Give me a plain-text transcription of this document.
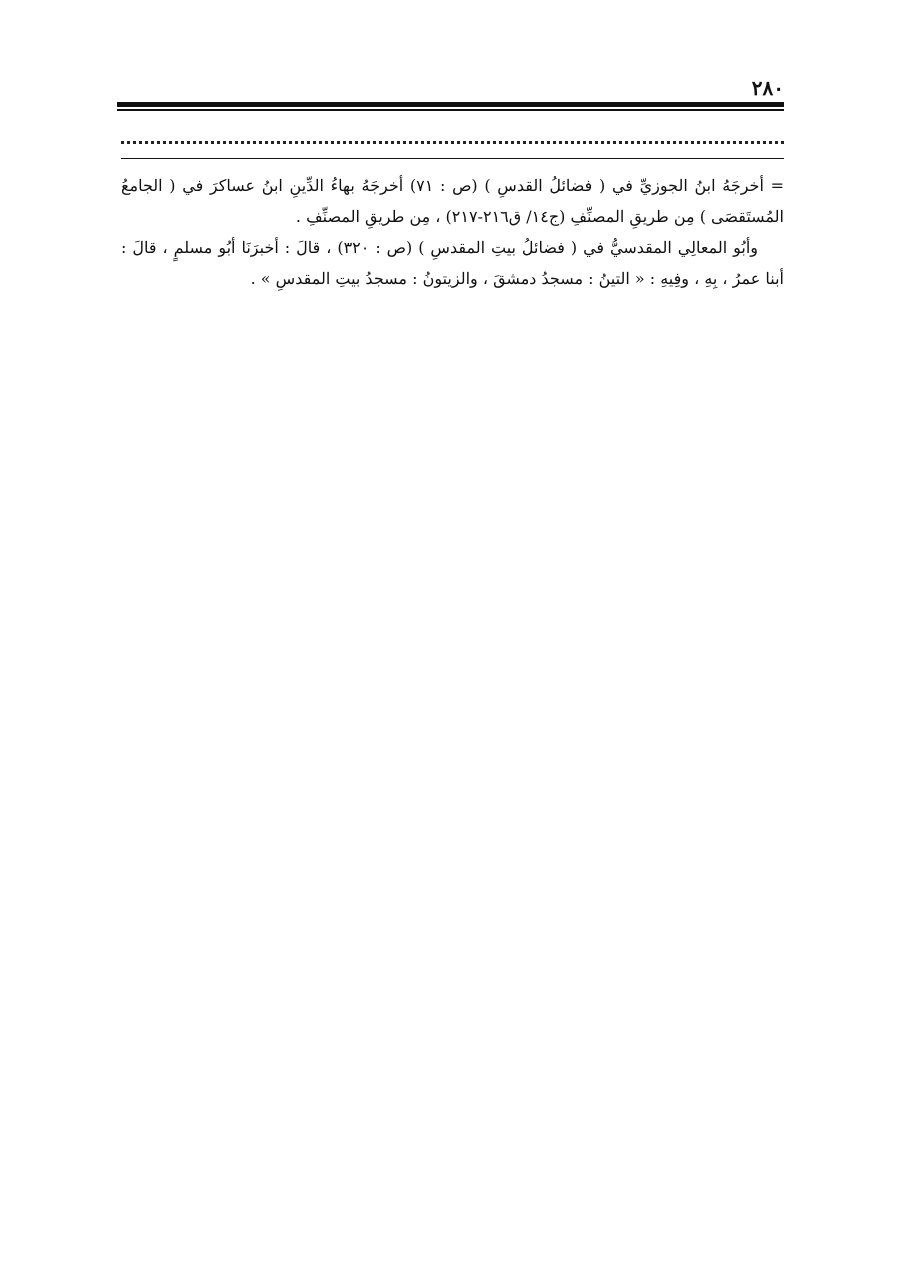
٢٨٠

= أخرجَهُ ابنُ الجوزيِّ في ( فضائلُ القدسِ ) (ص : ٧١) أخرجَهُ بهاءُ الدِّينِ ابنُ عساكرَ في ( الجامعُ المُستَقصَى ) مِن طريقِ المصنِّفِ (ج١٤/ ق٢١٦-٢١٧) ، مِن طريقِ المصنِّفِ .

وأبُو المعالِي المقدسيُّ في ( فضائلُ بيتِ المقدسِ ) (ص : ٣٢٠) ، قالَ : أخبرَنَا أبُو مسلمٍ ، قالَ : أبنا عمرُ ، بِهِ ، وفِيهِ : « التينُ : مسجدُ دمشقَ ، والزيتونُ : مسجدُ بيتِ المقدسِ » .
